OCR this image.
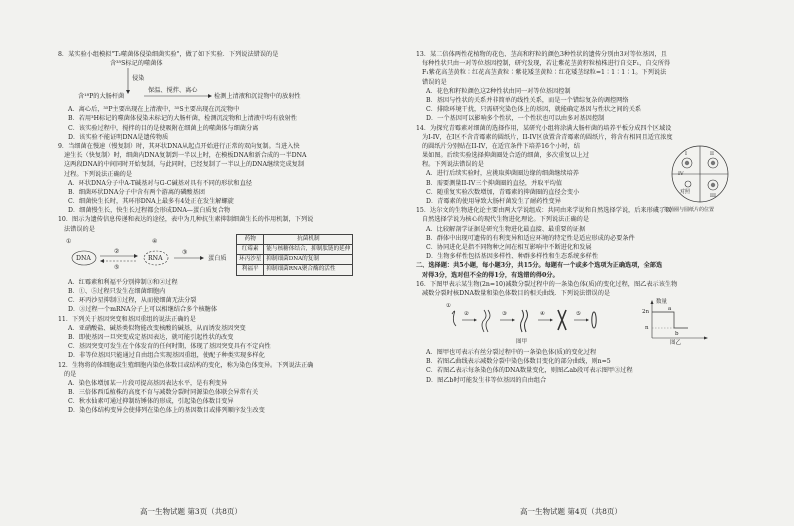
8．某实验小组模拟"T₂噬菌体侵染细菌实验"，做了如下实验．下列说法错误的是
含³⁵S标记的噬菌体
侵染
含¹⁸P的大肠杆菌
保温、搅拌、离心
检测上清液和沉淀物中的放射性
A．离心后，³⁵P主要出现在上清液中，³⁵S主要出现在沉淀物中
B．若用³H标记的噬菌体侵染未标记的大肠杆菌，检测沉淀物和上清液中均有放射性
C．该实验过程中，搅拌的目的是使吸附在细菌上的噬菌体与细菌分离
D．该实验不能证明DNA是遗传物质
9．当细菌在慢速（慢复制）时，其环状DNA从起点开始进行正常的双向复制。当进入快
速生长（快复制）时，细菌内DNA复制到一半以上时，在模板DNA和新合成的一半DNA
这两段DNA的中间同时开始复制，与此同时，已经复制了一半以上的DNA继续完成复制
过程。下列说法正确的是
A．环状DNA分子中A-T碱基对与G-C碱基对具有不同的形状和直径
B．细菌环状DNA分子中含有两个游离的磷酸基团
C．细菌快生长时，其环形DNA上最多有4处正在发生解螺旋
D．细菌慢生长，快生长过程都会形成DNA—蛋白质复合物
10．图示为遗传信息传递和表达的途径，表中为几种抗生素抑制细菌生长的作用机制，下列说
法错误的是
①
DNA
②
⑤
④
RNA
③
蛋白质
药物	抗菌机制
红霉素	能与核糖体结合，抑制肽链的延伸
环丙沙星	抑制细菌DNA的复制
利福平	抑制细菌RNA聚合酶的活性
A．红霉素和利福平分别抑制③和②过程
B．①、⑤过程只发生在细菌细胞内
C．环丙沙星抑制①过程，从而使细菌无法分裂
D．③过程一个mRNA分子上可以相继结合多个核糖体
11．下列关于基因突变和基因重组的说法正确的是
A．亚硝酸盐、碱基类似物能改变核酸的碱基，从而诱发基因突变
B．即使基因一旦突变成定基因表达，就可能引起性状的改变
C．基因突变可发生在个体发育的任何时期，体现了基因突变具有不定向性
D．非等位基因只能通过自由组合实现基因重组，使配子种类实现多样化
12．生物将的体细胞或生殖细胞内染色体数目或结构的变化，称为染色体变异。下列说法正确
的是
A．染色体增加某一片段可提高基因表达水平，是有利变异
B．三倍体西瓜植株的高度不育与减数分裂时同源染色体联会异常有关
C．秋水仙素可通过抑制纺锤体的形成，引起染色体数目变异
D．染色体结构变异会使排列在染色体上的基因数目或排列顺序发生改变
高一生物试题 第3页（共8页）
13．某二倍体两性花植物的花色、茎高和籽粒的颜色3种性状的遗传分别由3对等位基因，且
每种性状只由一对等位基因控制，研究发现，若让紫花茎黄籽粒植株进行自交F₁，自交所得
F₁紫花高茎黄粒∶红花高茎黄粒∶紫花矮茎黄粒∶红花矮茎绿粒=1∶1∶1∶1。下列说法
错误的是
A．花色和籽粒颜色这2种性状由同一对等位基因控制
B．基因与性状的关系并非简单的线性关系，而是一个错综复杂的调控网络
C．排除环境干扰，只需研究染色体上的基因，就能确定基因与性状之间的关系
D．一个基因可以影响多个性状，一个性状也可以由多对基因控制
14．为探究青霉素对细菌的选择作用，某研究小组将涂满大肠杆菌的培养平板分成四个区域设
为I-IV，在I区不含青霉素的圆纸片，II-IV区放置含青霉素的圆纸片，将含有相同且适宜浓度
的圆纸片分别贴在II-IV，在适宜条件下培养16个小时，结
果如图。后续实验选择抑菌圈处合适的细菌，多次重复以上过
程。下列说法错误的是
A．进行后续实验时，应挑取抑菌圈边缘的细菌继续培养
B．需要测量II-IV三个抑菌圈的直径，并取平均值
C．随重复实验次数增加，青霉素的抑菌圈的直径会变小
D．青霉素的使用导致大肠杆菌发生了耐药性变异
I	II
III
IV
对照
注：抑菌圈与圆纸片的位置
15．达尔文的生物进化论主要由两大学说组成：共同由来学说和自然选择学说，后来形成了以
自然选择学说为核心的现代生物进化理论。下列说法正确的是
A．比较解剖学证据是研究生物进化最直接、最重要的证据
B．群体中出现可遗传的有利变异和适应环境的特定性是适应形成的必要条件
C．协同进化是指不同物种之间在相互影响中不断进化和发展
D．生物多样性包括基因多样性、种群多样性和生态系统多样性
二、选择题：共5小题，每小题3分，共15分。每题有一个或多个选项为正确选项，全部选
对得3分，选对但不全的得1分，有选错的得0分。
16．下图甲表示某生物(2n=10)减数分裂过程中的一条染色体(质)的变化过程，图乙表示该生物
减数分裂时核DNA数量和染色体数目的相关曲线．下列说法错误的是
①
②	③	④	⑤
图甲
数量
2n
n
a
b
图乙
A．图甲也可表示有丝分裂过程中的一条染色体(质)的变化过程
B．若图乙曲线表示减数分裂中染色体数目变化的部分曲线，则n=5
C．若图乙表示每条染色体的DNA数量变化，则图乙ab段可表示图甲③过程
D．图乙b时可能发生非等位基因的自由组合
高一生物试题 第4页（共8页）
